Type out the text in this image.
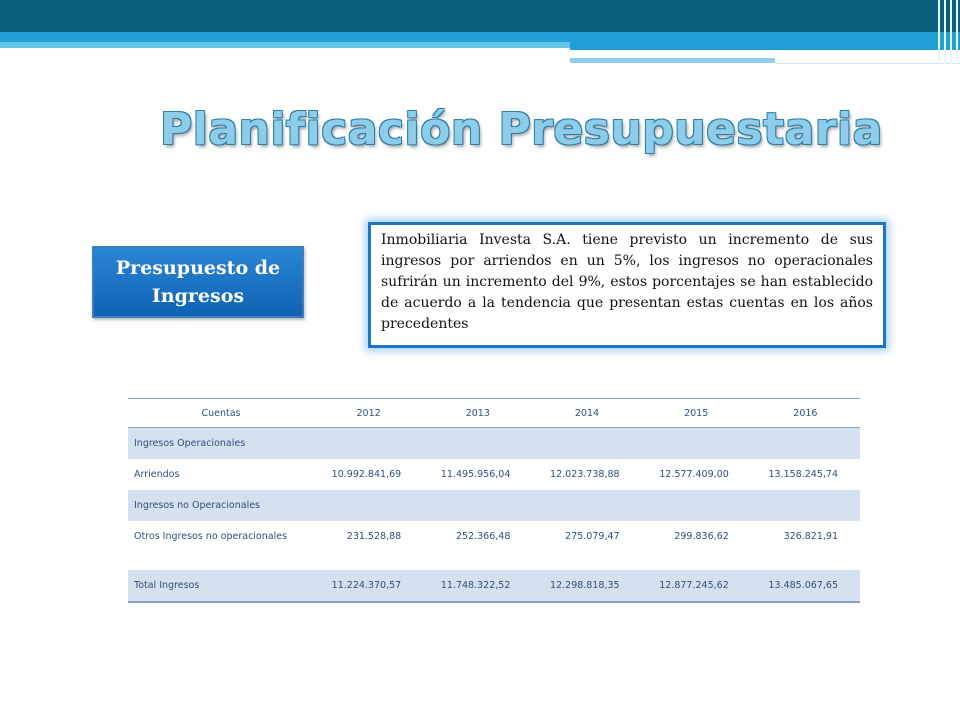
Planificación Presupuestaria
Presupuesto de Ingresos
Inmobiliaria Investa S.A. tiene previsto un incremento de sus ingresos por arriendos en un 5%, los ingresos no operacionales sufrirán un incremento del 9%, estos porcentajes se han establecido de acuerdo a la tendencia que presentan estas cuentas en los años precedentes
Cuentas	2012	2013	2014	2015	2016
Ingresos Operacionales					
Arriendos	10.992.841,69	11.495.956,04	12.023.738,88	12.577.409,00	13.158.245,74
Ingresos no Operacionales					
Otros Ingresos no operacionales	231.528,88	252.366,48	275.079,47	299.836,62	326.821,91

Total Ingresos	11.224.370,57	11.748.322,52	12.298.818,35	12.877.245,62	13.485.067,65
